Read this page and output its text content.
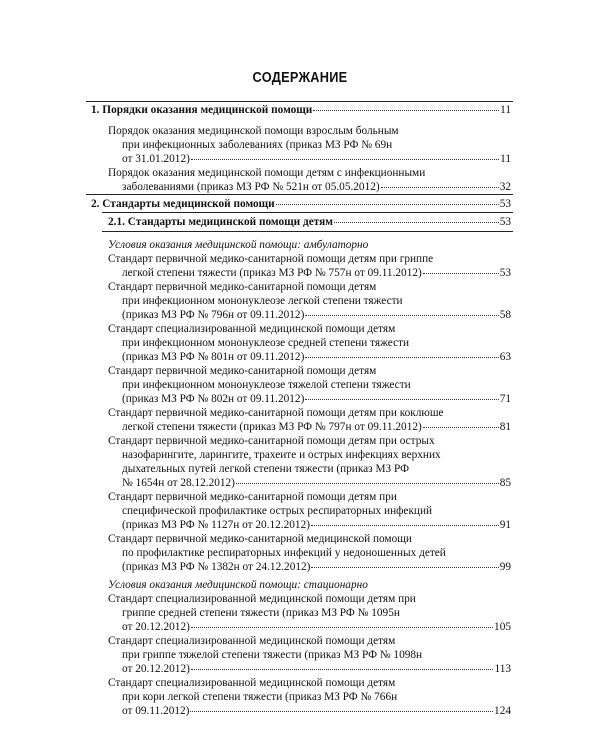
СОДЕРЖАНИЕ
1. Порядки оказания медицинской помощи	11
Порядок оказания медицинской помощи взрослым больным
при инфекционных заболеваниях (приказ МЗ РФ № 69н
от 31.01.2012)	11
Порядок оказания медицинской помощи детям с инфекционными
заболеваниями (приказ МЗ РФ № 521н от 05.05.2012)	32
2. Стандарты медицинской помощи	53
2.1. Стандарты медицинской помощи детям	53
Условия оказания медицинской помощи: амбулаторно
Стандарт первичной медико-санитарной помощи детям при гриппе
легкой степени тяжести (приказ МЗ РФ № 757н от 09.11.2012)	53
Стандарт первичной медико-санитарной помощи детям
при инфекционном мононуклеозе легкой степени тяжести
(приказ МЗ РФ № 796н от 09.11.2012)	58
Стандарт специализированной медицинской помощи детям
при инфекционном мононуклеозе средней степени тяжести
(приказ МЗ РФ № 801н от 09.11.2012)	63
Стандарт первичной медико-санитарной помощи детям
при инфекционном мононуклеозе тяжелой степени тяжести
(приказ МЗ РФ № 802н от 09.11.2012)	71
Стандарт первичной медико-санитарной помощи детям при коклюше
легкой степени тяжести (приказ МЗ РФ № 797н от 09.11.2012)	81
Стандарт первичной медико-санитарной помощи детям при острых
назофарингите, ларингите, трахеите и острых инфекциях верхних
дыхательных путей легкой степени тяжести (приказ МЗ РФ
№ 1654н от 28.12.2012)	85
Стандарт первичной медико-санитарной помощи детям при
специфической профилактике острых респираторных инфекций
(приказ МЗ РФ № 1127н от 20.12.2012)	91
Стандарт первичной медико-санитарной медицинской помощи
по профилактике респираторных инфекций у недоношенных детей
(приказ МЗ РФ № 1382н от 24.12.2012)	99
Условия оказания медицинской помощи: стационарно
Стандарт специализированной медицинской помощи детям при
гриппе средней степени тяжести (приказ МЗ РФ № 1095н
от 20.12.2012)	105
Стандарт специализированной медицинской помощи детям
при гриппе тяжелой степени тяжести (приказ МЗ РФ № 1098н
от 20.12.2012)	113
Стандарт специализированной медицинской помощи детям
при кори легкой степени тяжести (приказ МЗ РФ № 766н
от 09.11.2012)	124
